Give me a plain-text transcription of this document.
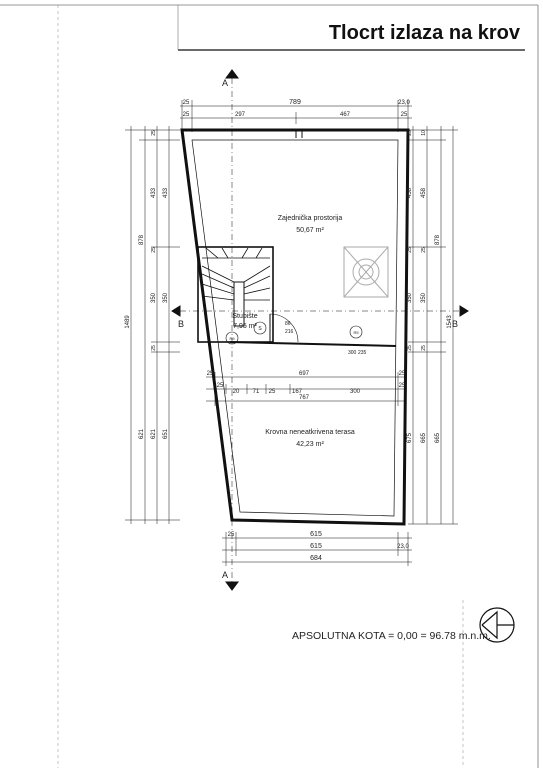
Tlocrt izlaza na krov
B	B
A
A
Zajednička prostorija
50,67 m²
Stubište
7,95 m²
Krovna neneatkrivena terasa
42,23 m²
R5
S
R5
86
216
300 235
789
25	23,0
25	297	467	25
25	697	25
25
20 71 25	167	300
25
767
25	615
615	23,0
684
1489
878
433 433
350 350
25
25
25
621 621 651
25 10
458 458
878
25 25
350 350
25 25
1543
675 665 665
APSOLUTNA KOTA = 0,00 = 96.78 m.n.m.
